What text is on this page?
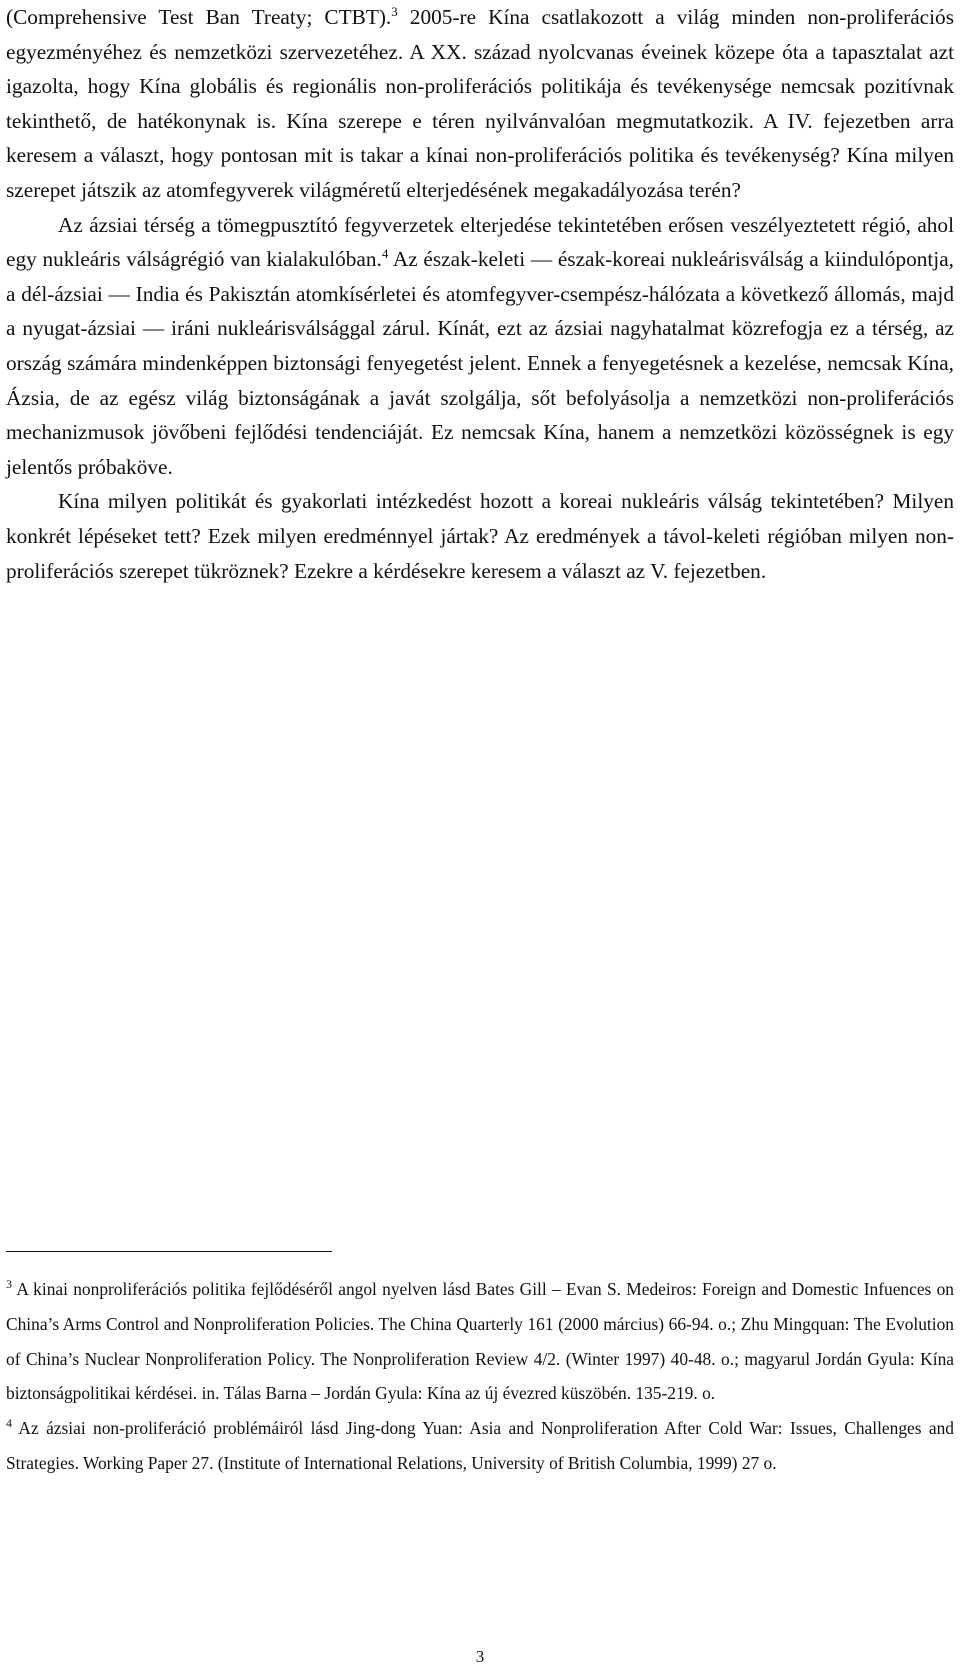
(Comprehensive Test Ban Treaty; CTBT).$^3$ 2005-re Kína csatlakozott a világ minden non-proliferációs egyezményéhez és nemzetközi szervezetéhez. A XX. század nyolcvanas éveinek közepe óta a tapasztalat azt igazolta, hogy Kína globális és regionális non-proliferációs politikája és tevékenysége nemcsak pozitívnak tekinthető, de hatékonynak is. Kína szerepe e téren nyilvánvalóan megmutatkozik. A IV. fejezetben arra keresem a választ, hogy pontosan mit is takar a kínai non-proliferációs politika és tevékenység? Kína milyen szerepet játszik az atomfegyverek világméretű elterjedésének megakadályozása terén?

Az ázsiai térség a tömegpusztító fegyverzetek elterjedése tekintetében erősen veszélyeztetett régió, ahol egy nukleáris válságrégió van kialakulóban.$^4$ Az észak-keleti — észak-koreai nukleárisválság a kiindulópontja, a dél-ázsiai — India és Pakisztán atomkísérletei és atomfegyver-csempész-hálózata a következő állomás, majd a nyugat-ázsiai — iráni nukleárisválsággal zárul. Kínát, ezt az ázsiai nagyhatalmat közrefogja ez a térség, az ország számára mindenképpen biztonsági fenyegetést jelent. Ennek a fenyegetésnek a kezelése, nemcsak Kína, Ázsia, de az egész világ biztonságának a javát szolgálja, sőt befolyásolja a nemzetközi non-proliferációs mechanizmusok jövőbeni fejlődési tendenciáját. Ez nemcsak Kína, hanem a nemzetközi közösségnek is egy jelentős próbaköve.

Kína milyen politikát és gyakorlati intézkedést hozott a koreai nukleáris válság tekintetében? Milyen konkrét lépéseket tett? Ezek milyen eredménnyel jártak? Az eredmények a távol-keleti régióban milyen non-proliferációs szerepet tükröznek? Ezekre a kérdésekre keresem a választ az V. fejezetben.

$^3$ A kinai nonproliferációs politika fejlődéséről angol nyelven lásd Bates Gill – Evan S. Medeiros: Foreign and Domestic Infuences on China’s Arms Control and Nonproliferation Policies. The China Quarterly 161 (2000 március) 66-94. o.; Zhu Mingquan: The Evolution of China’s Nuclear Nonproliferation Policy. The Nonproliferation Review 4/2. (Winter 1997) 40-48. o.; magyarul Jordán Gyula: Kína biztonságpolitikai kérdései. in. Tálas Barna – Jordán Gyula: Kína az új évezred küszöbén. 135-219. o.

$^4$ Az ázsiai non-proliferáció problémáiról lásd Jing-dong Yuan: Asia and Nonproliferation After Cold War: Issues, Challenges and Strategies. Working Paper 27. (Institute of International Relations, University of British Columbia, 1999) 27 o.

3
